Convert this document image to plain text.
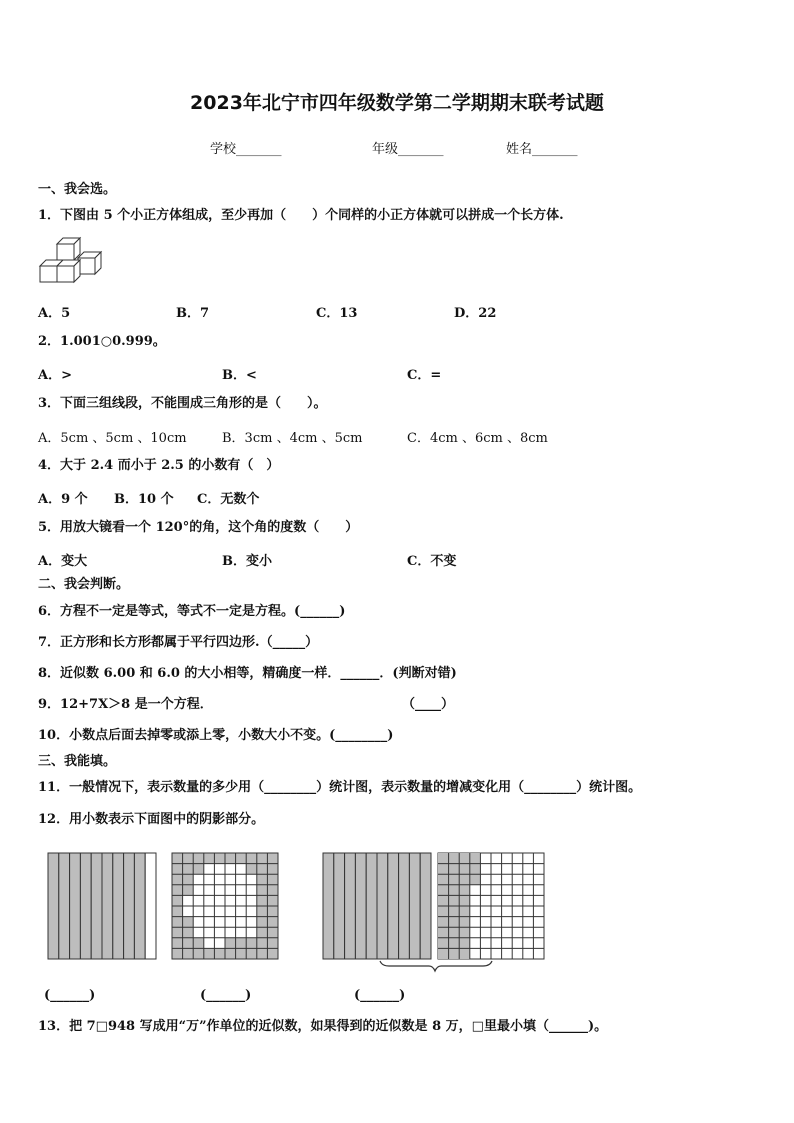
2023年北宁市四年级数学第二学期期末联考试题
学校_______	年级_______	姓名_______
一、我会选。
1．下图由 5 个小正方体组成，至少再加（　　）个同样的小正方体就可以拼成一个长方体.
A．5	B．7	C．13	D．22
2．1.001○0.999。
A．>	B．<	C．=
3．下面三组线段，不能围成三角形的是（　　）。
A．5cm 、5cm 、10cm	B．3cm 、4cm 、5cm	C．4cm 、6cm 、8cm
4．大于 2.4 而小于 2.5 的小数有（　）
A．9 个 B．10 个 C．无数个
5．用放大镜看一个 120°的角，这个角的度数（　　）
A．变大	B．变小	C．不变
二、我会判断。
6．方程不一定是等式，等式不一定是方程。(______)
7．正方形和长方形都属于平行四边形.（_____）
8．近似数 6.00 和 6.0 的大小相等，精确度一样．______．(判断对错)
9．12+7X＞8 是一个方程．	（____）
10．小数点后面去掉零或添上零，小数大小不变。(________)
三、我能填。
11．一般情况下，表示数量的多少用（________）统计图，表示数量的增减变化用（________）统计图。
12．用小数表示下面图中的阴影部分。
(______)	(______)	(______)
13．把 7□948 写成用“万”作单位的近似数，如果得到的近似数是 8 万，□里最小填（______)。
